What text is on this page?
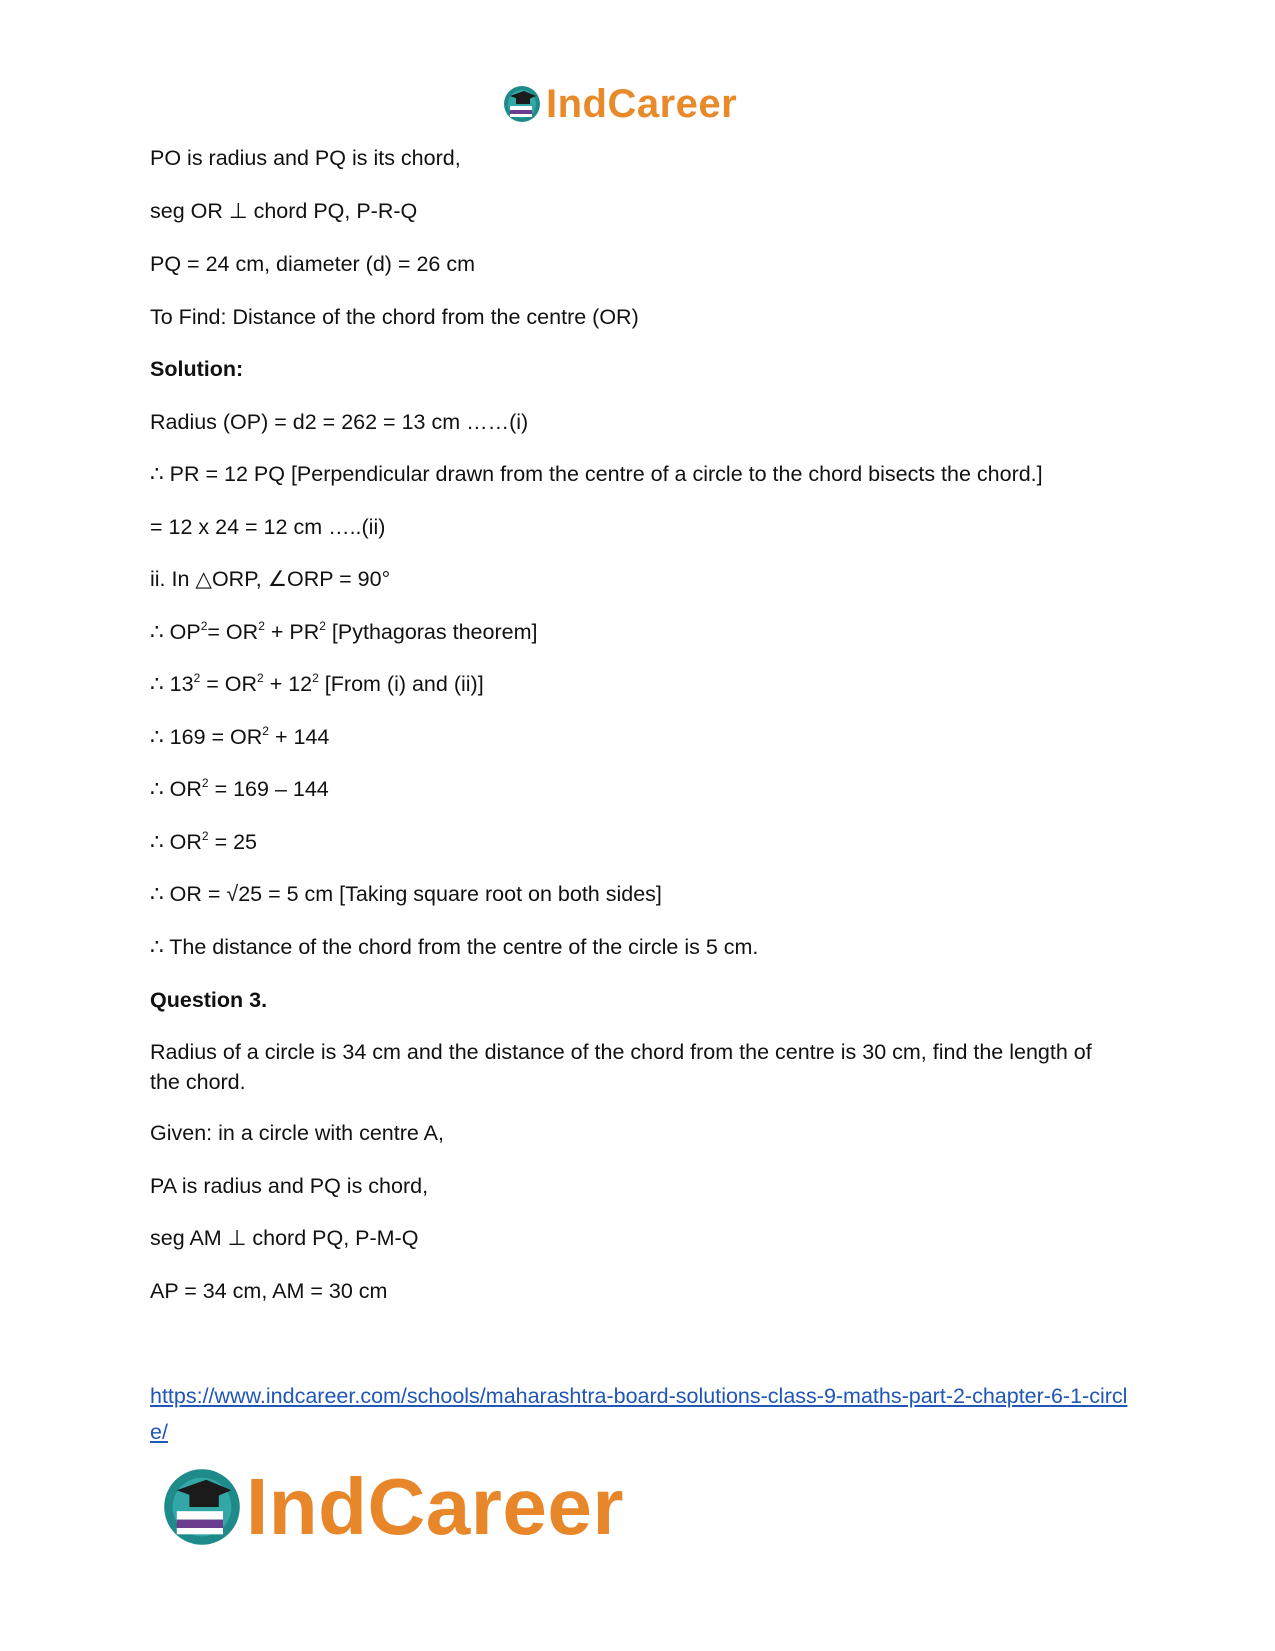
IndCareer
PO is radius and PQ is its chord,
seg OR ⊥ chord PQ, P-R-Q
PQ = 24 cm, diameter (d) = 26 cm
To Find: Distance of the chord from the centre (OR)
Solution:
Radius (OP) = d2 = 262 = 13 cm ……(i)
∴ PR = 12 PQ [Perpendicular drawn from the centre of a circle to the chord bisects the chord.]
= 12 x 24 = 12 cm …..(ii)
ii. In △ORP, ∠ORP = 90°
∴ $OP^2= OR^2 + PR^2$ [Pythagoras theorem]
∴ $13^2 = OR^2 + 12^2$ [From (i) and (ii)]
∴ $169 = OR^2 + 144$
∴ $OR^2 = 169 - 144$
∴ $OR^2 = 25$
∴ OR = √25 = 5 cm [Taking square root on both sides]
∴ The distance of the chord from the centre of the circle is 5 cm.
Question 3.
Radius of a circle is 34 cm and the distance of the chord from the centre is 30 cm, find the length of the chord.
Given: in a circle with centre A,
PA is radius and PQ is chord,
seg AM ⊥ chord PQ, P-M-Q
AP = 34 cm, AM = 30 cm
https://www.indcareer.com/schools/maharashtra-board-solutions-class-9-maths-part-2-chapter-6-1-circle/
IndCareer
